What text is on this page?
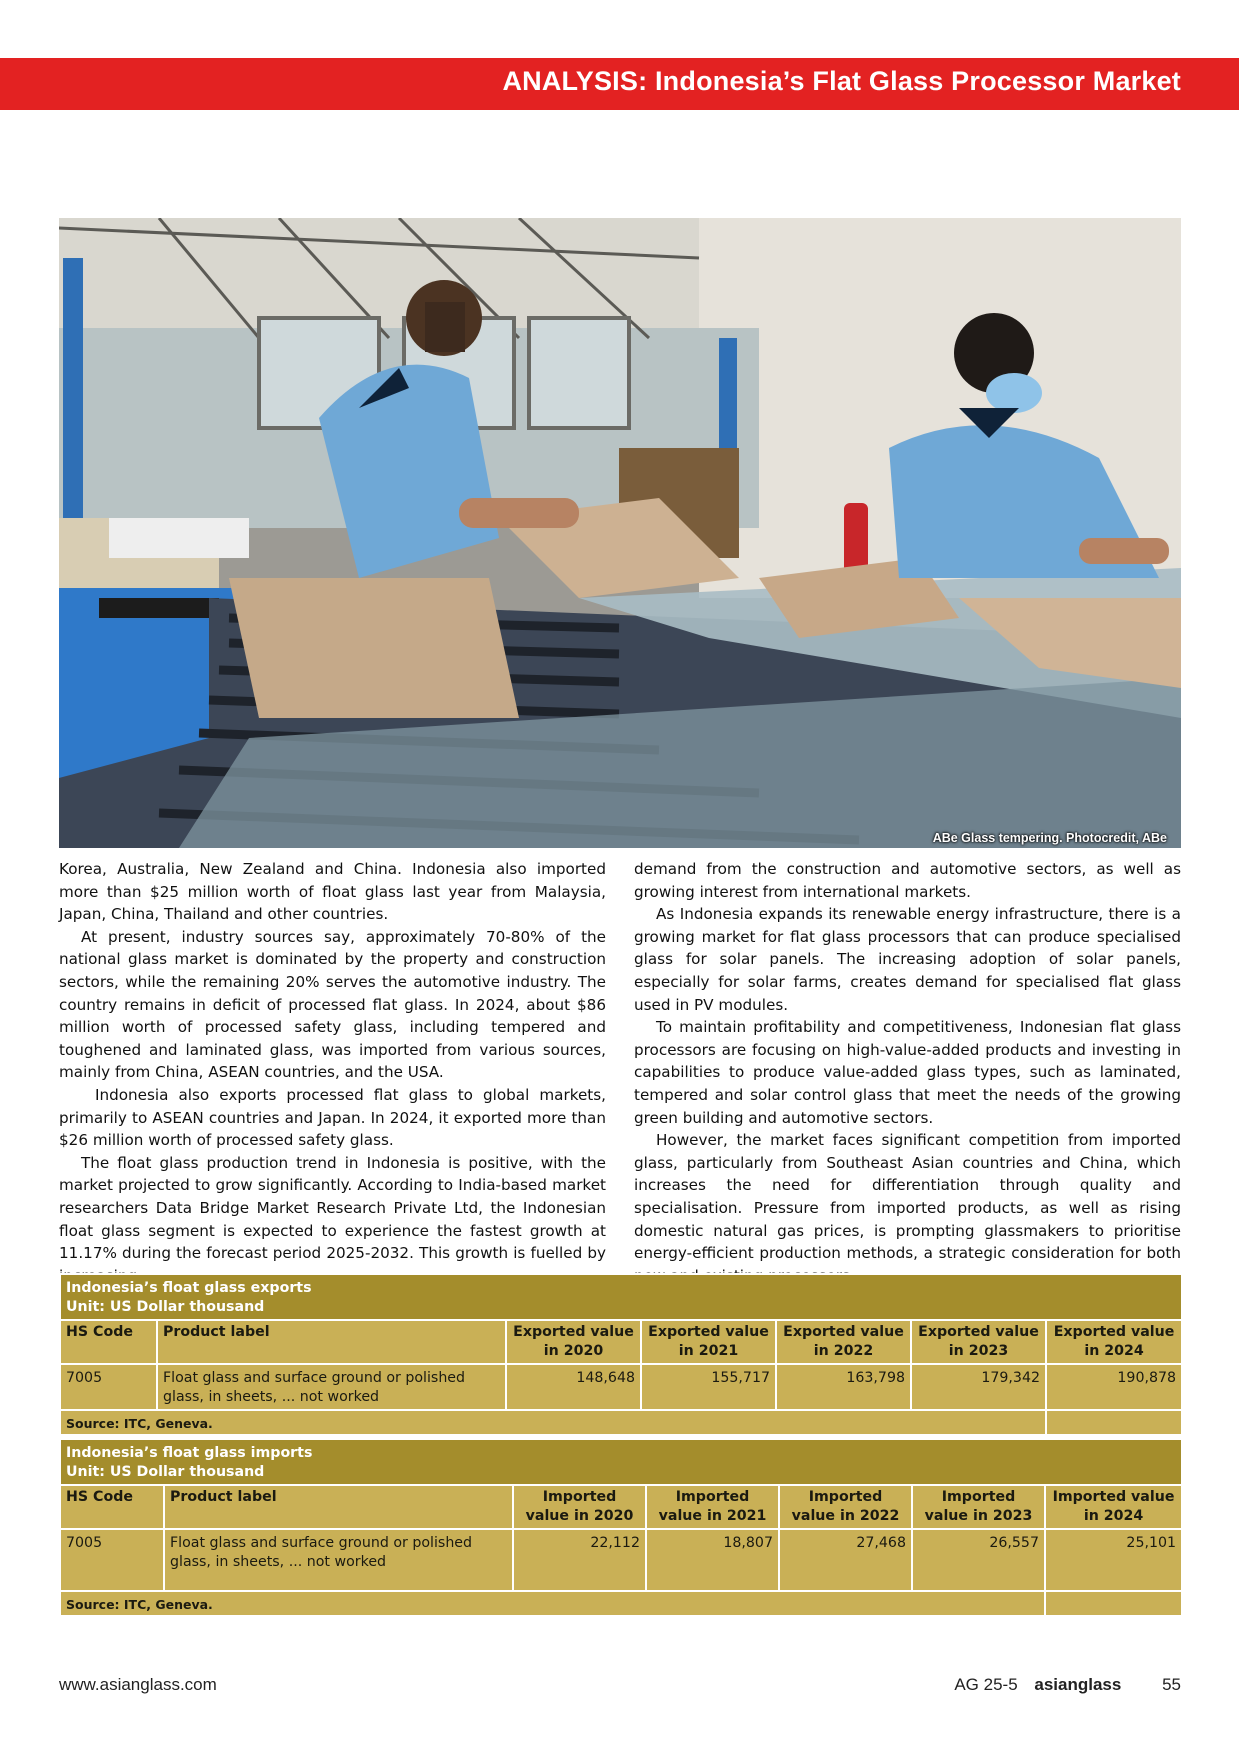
ANALYSIS: Indonesia’s Flat Glass Processor Market
ABe Glass tempering. Photocredit, ABe

Korea, Australia, New Zealand and China. Indonesia also imported more than $25 million worth of float glass last year from Malaysia, Japan, China, Thailand and other countries.

At present, industry sources say, approximately 70-80% of the national glass market is dominated by the property and construction sectors, while the remaining 20% serves the automotive industry. The country remains in deficit of processed flat glass. In 2024, about $86 million worth of processed safety glass, including tempered and toughened and laminated glass, was imported from various sources, mainly from China, ASEAN countries, and the USA.

Indonesia also exports processed flat glass to global markets, primarily to ASEAN countries and Japan. In 2024, it exported more than $26 million worth of processed safety glass.

The float glass production trend in Indonesia is positive, with the market projected to grow significantly. According to India-based market researchers Data Bridge Market Research Private Ltd, the Indonesian float glass segment is expected to experience the fastest growth at 11.17% during the forecast period 2025-2032. This growth is fuelled by

demand from the construction and automotive sectors, as well as growing interest from international markets.

As Indonesia expands its renewable energy infrastructure, there is a growing market for flat glass processors that can produce specialised glass for solar panels. The increasing adoption of solar panels, especially for solar farms, creates demand for specialised flat glass used in PV modules.

To maintain profitability and competitiveness, Indonesian flat glass processors are focusing on high-value-added products and investing in capabilities to produce value-added glass types, such as laminated, tempered and solar control glass that meet the needs of the growing green building and automotive sectors.

However, the market faces significant competition from imported glass, particularly from Southeast Asian countries and China, which increases the need for differentiation through quality and specialisation. Pressure from imported products, as well as rising domestic natural gas prices, is prompting glassmakers to prioritise energy-efficient production methods, a strategic consideration for both

Indonesia’s float glass exports
Unit: US Dollar thousand						

HS Code	Product label	Exported value in 2020	Exported value in 2021	Exported value in 2022	Exported value in 2023	Exported value in 2024
7005	Float glass and surface ground or polished glass, in sheets, ... not worked	148,648	155,717	163,798	179,342	190,878
Source: ITC, Geneva.						
Indonesia’s float glass imports
Unit: US Dollar thousand						

HS Code	Product label	Imported value in 2020	Imported value in 2021	Imported value in 2022	Imported value in 2023	Imported value in 2024
7005	Float glass and surface ground or polished glass, in sheets, ... not worked	22,112	18,807	27,468	26,557	25,101
Source: ITC, Geneva.						
www.asianglass.com	AG 25-5 asianglass 55
